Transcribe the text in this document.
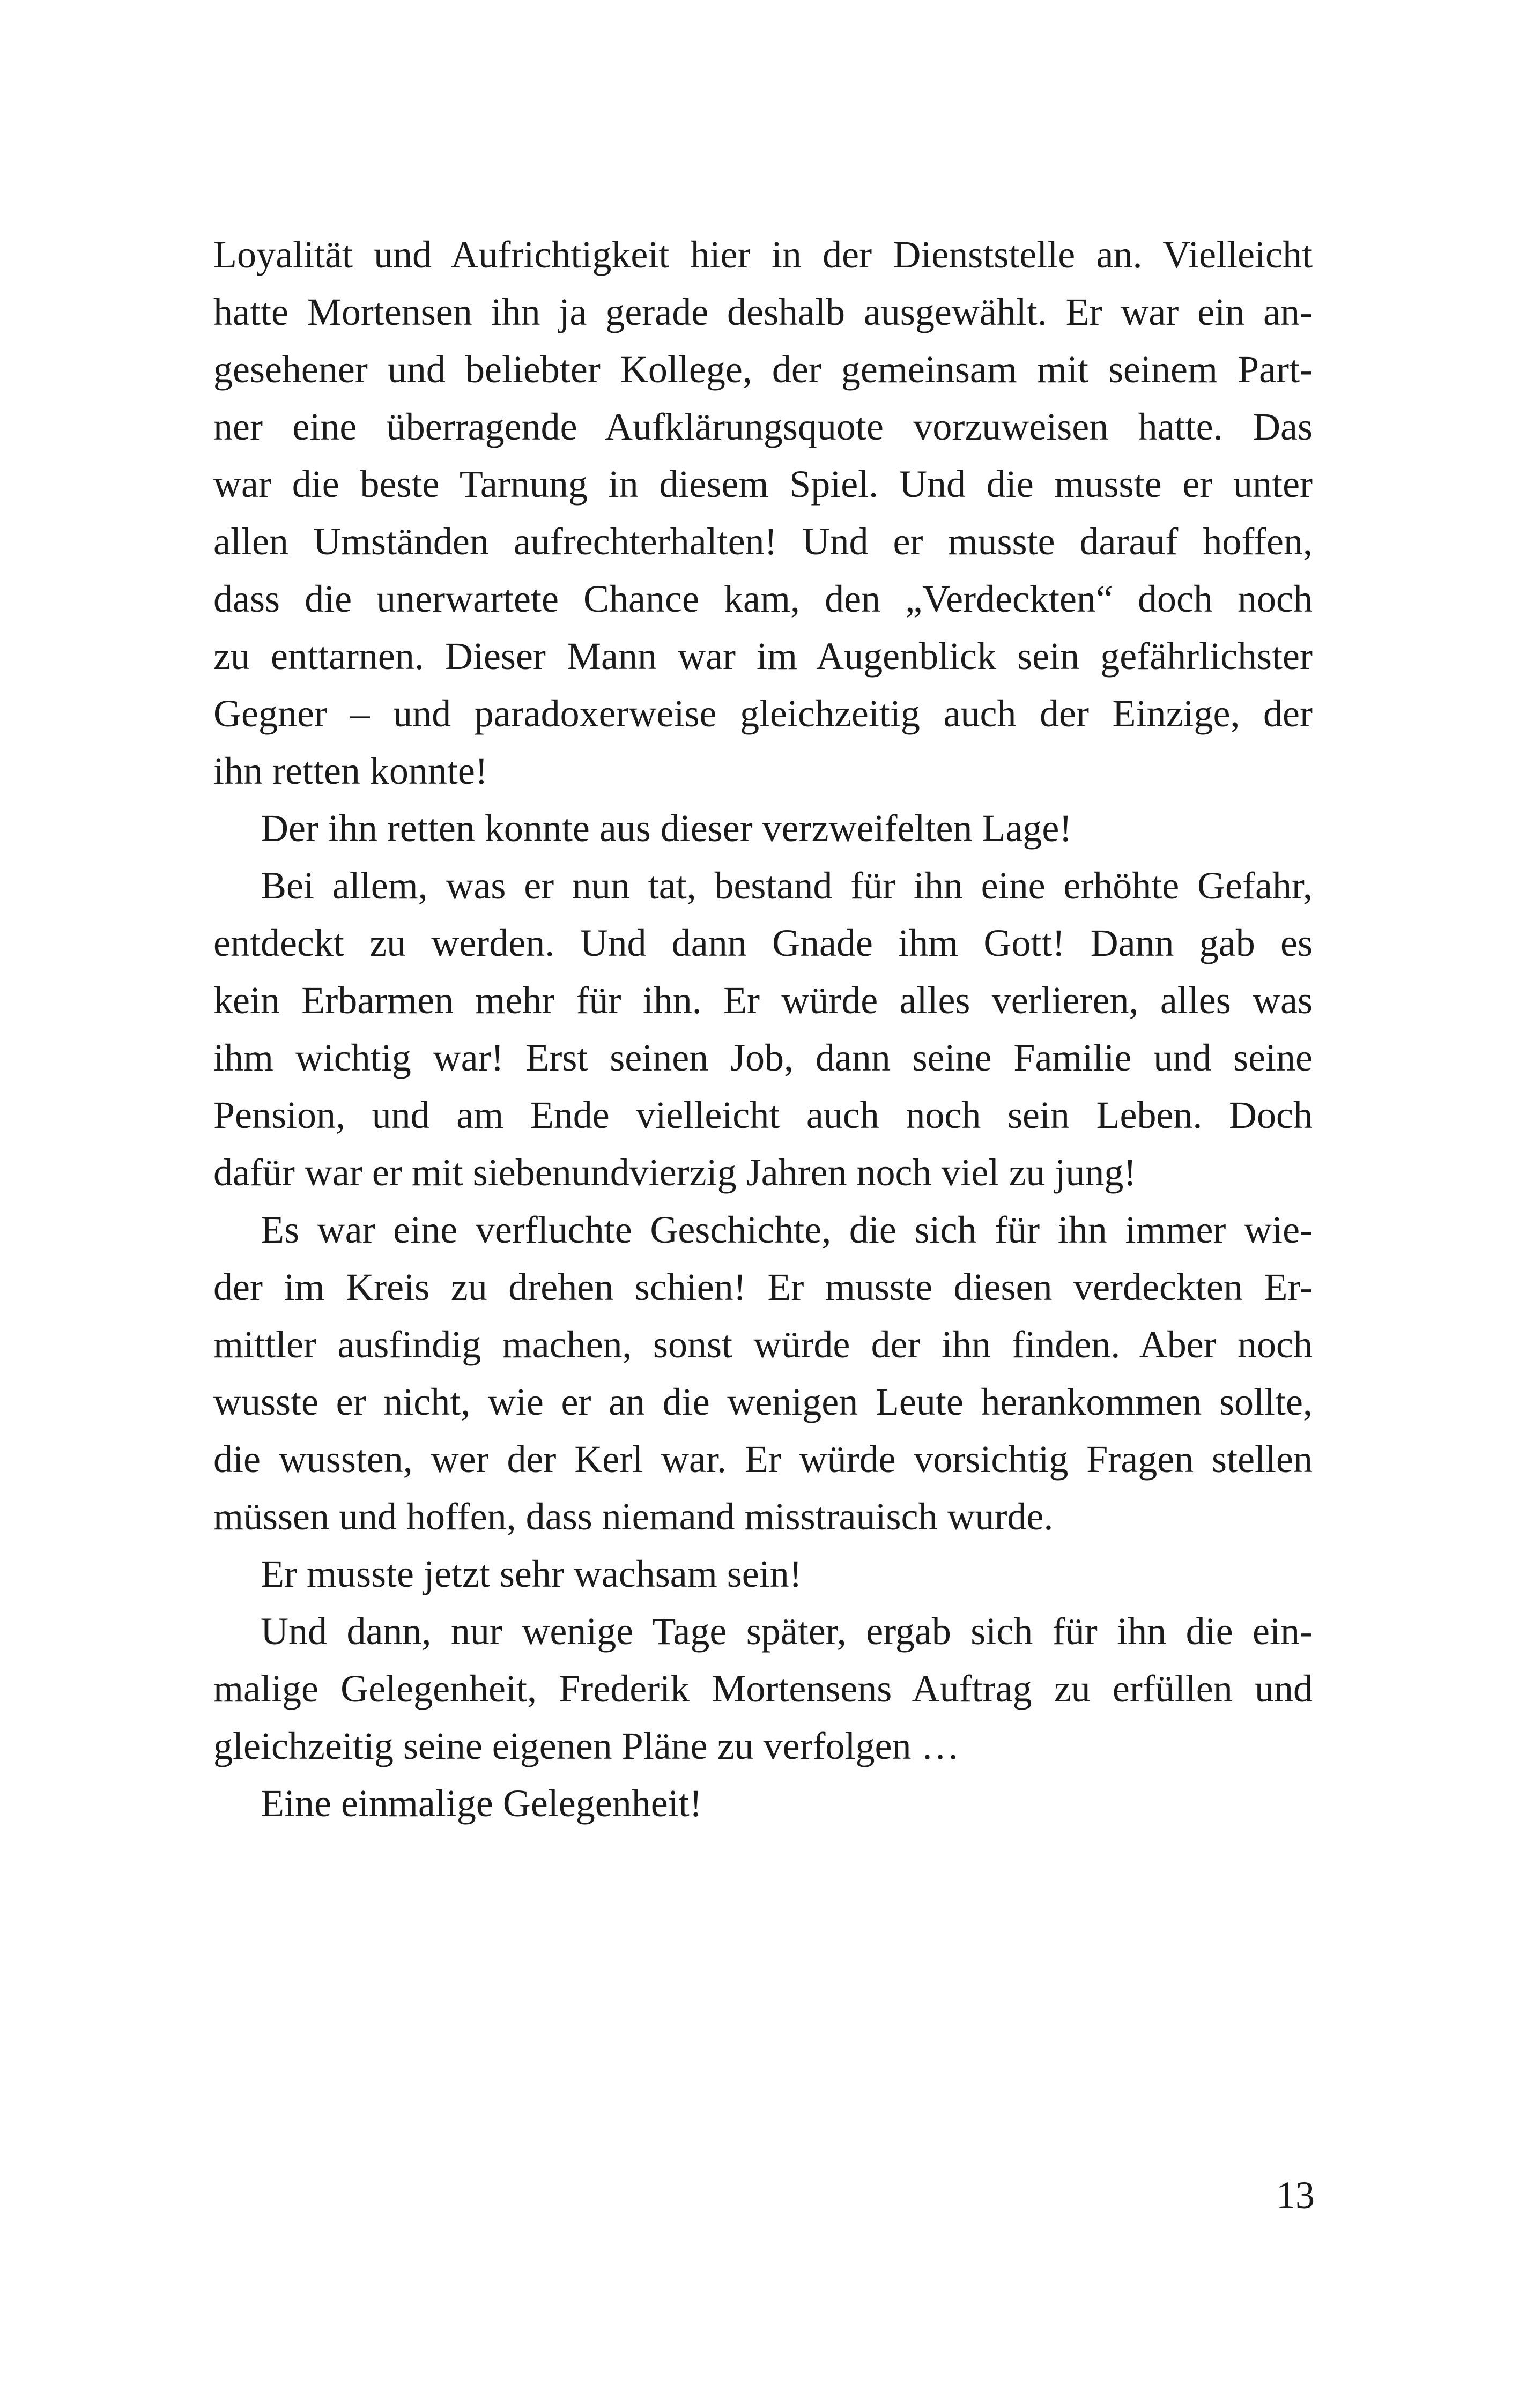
Loyalität und Aufrichtigkeit hier in der Dienststelle an. Vielleicht
hatte Mortensen ihn ja gerade deshalb ausgewählt. Er war ein an-
gesehener und beliebter Kollege, der gemeinsam mit seinem Part-
ner eine überragende Aufklärungsquote vorzuweisen hatte. Das
war die beste Tarnung in diesem Spiel. Und die musste er unter
allen Umständen aufrechterhalten! Und er musste darauf hoffen,
dass die unerwartete Chance kam, den „Verdeckten“ doch noch
zu enttarnen. Dieser Mann war im Augenblick sein gefährlichster
Gegner – und paradoxerweise gleichzeitig auch der Einzige, der
ihn retten konnte!
Der ihn retten konnte aus dieser verzweifelten Lage!
Bei allem, was er nun tat, bestand für ihn eine erhöhte Gefahr,
entdeckt zu werden. Und dann Gnade ihm Gott! Dann gab es
kein Erbarmen mehr für ihn. Er würde alles verlieren, alles was
ihm wichtig war! Erst seinen Job, dann seine Familie und seine
Pension, und am Ende vielleicht auch noch sein Leben. Doch
dafür war er mit siebenundvierzig Jahren noch viel zu jung!
Es war eine verfluchte Geschichte, die sich für ihn immer wie-
der im Kreis zu drehen schien! Er musste diesen verdeckten Er-
mittler ausfindig machen, sonst würde der ihn finden. Aber noch
wusste er nicht, wie er an die wenigen Leute herankommen sollte,
die wussten, wer der Kerl war. Er würde vorsichtig Fragen stellen
müssen und hoffen, dass niemand misstrauisch wurde.
Er musste jetzt sehr wachsam sein!
Und dann, nur wenige Tage später, ergab sich für ihn die ein-
malige Gelegenheit, Frederik Mortensens Auftrag zu erfüllen und
gleichzeitig seine eigenen Pläne zu verfolgen …
Eine einmalige Gelegenheit!
13
